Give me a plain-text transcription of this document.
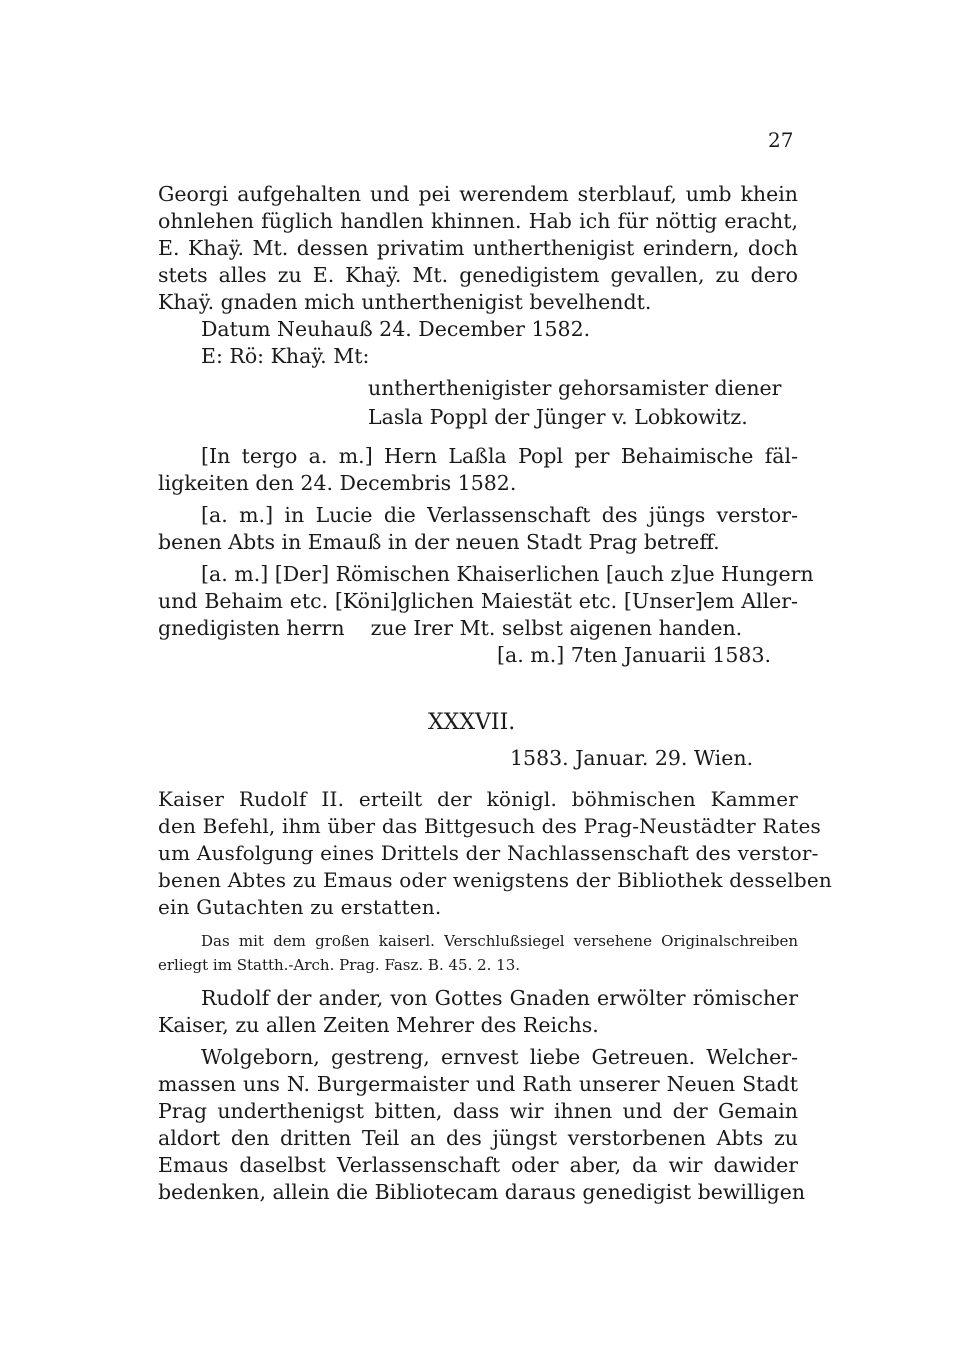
27
Georgi aufgehalten und pei werendem sterblauf, umb khein
ohnlehen füglich handlen khinnen. Hab ich für nöttig eracht,
E. Khaÿ. Mt. dessen privatim untherthenigist erindern, doch
stets alles zu E. Khaÿ. Mt. genedigistem gevallen, zu dero
Khaÿ. gnaden mich untherthenigist bevelhendt.
Datum Neuhauß 24. December 1582.
E: Rö: Khaÿ. Mt:
untherthenigister gehorsamister diener
Lasla Poppl der Jünger v. Lobkowitz.
[In tergo a. m.] Hern Laßla Popl per Behaimische fäl-
ligkeiten den 24. Decembris 1582.
[a. m.] in Lucie die Verlassenschaft des jüngs verstor-
benen Abts in Emauß in der neuen Stadt Prag betreff.
[a. m.] [Der] Römischen Khaiserlichen [auch z]ue Hungern
und Behaim etc. [Köni]glichen Maiestät etc. [Unser]em Aller-
gnedigisten herrn    zue Irer Mt. selbst aigenen handen.
[a. m.] 7ten Januarii 1583.
XXXVII.
1583. Januar. 29. Wien.
Kaiser Rudolf II. erteilt der königl. böhmischen Kammer
den Befehl, ihm über das Bittgesuch des Prag-Neustädter Rates
um Ausfolgung eines Drittels der Nachlassenschaft des verstor-
benen Abtes zu Emaus oder wenigstens der Bibliothek desselben
ein Gutachten zu erstatten.
Das mit dem großen kaiserl. Verschlußsiegel versehene Originalschreiben
erliegt im Statth.-Arch. Prag. Fasz. B. 45. 2. 13.
Rudolf der ander, von Gottes Gnaden erwölter römischer
Kaiser, zu allen Zeiten Mehrer des Reichs.
Wolgeborn, gestreng, ernvest liebe Getreuen. Welcher-
massen uns N. Burgermaister und Rath unserer Neuen Stadt
Prag underthenigst bitten, dass wir ihnen und der Gemain
aldort den dritten Teil an des jüngst verstorbenen Abts zu
Emaus daselbst Verlassenschaft oder aber, da wir dawider
bedenken, allein die Bibliotecam daraus genedigist bewilligen
